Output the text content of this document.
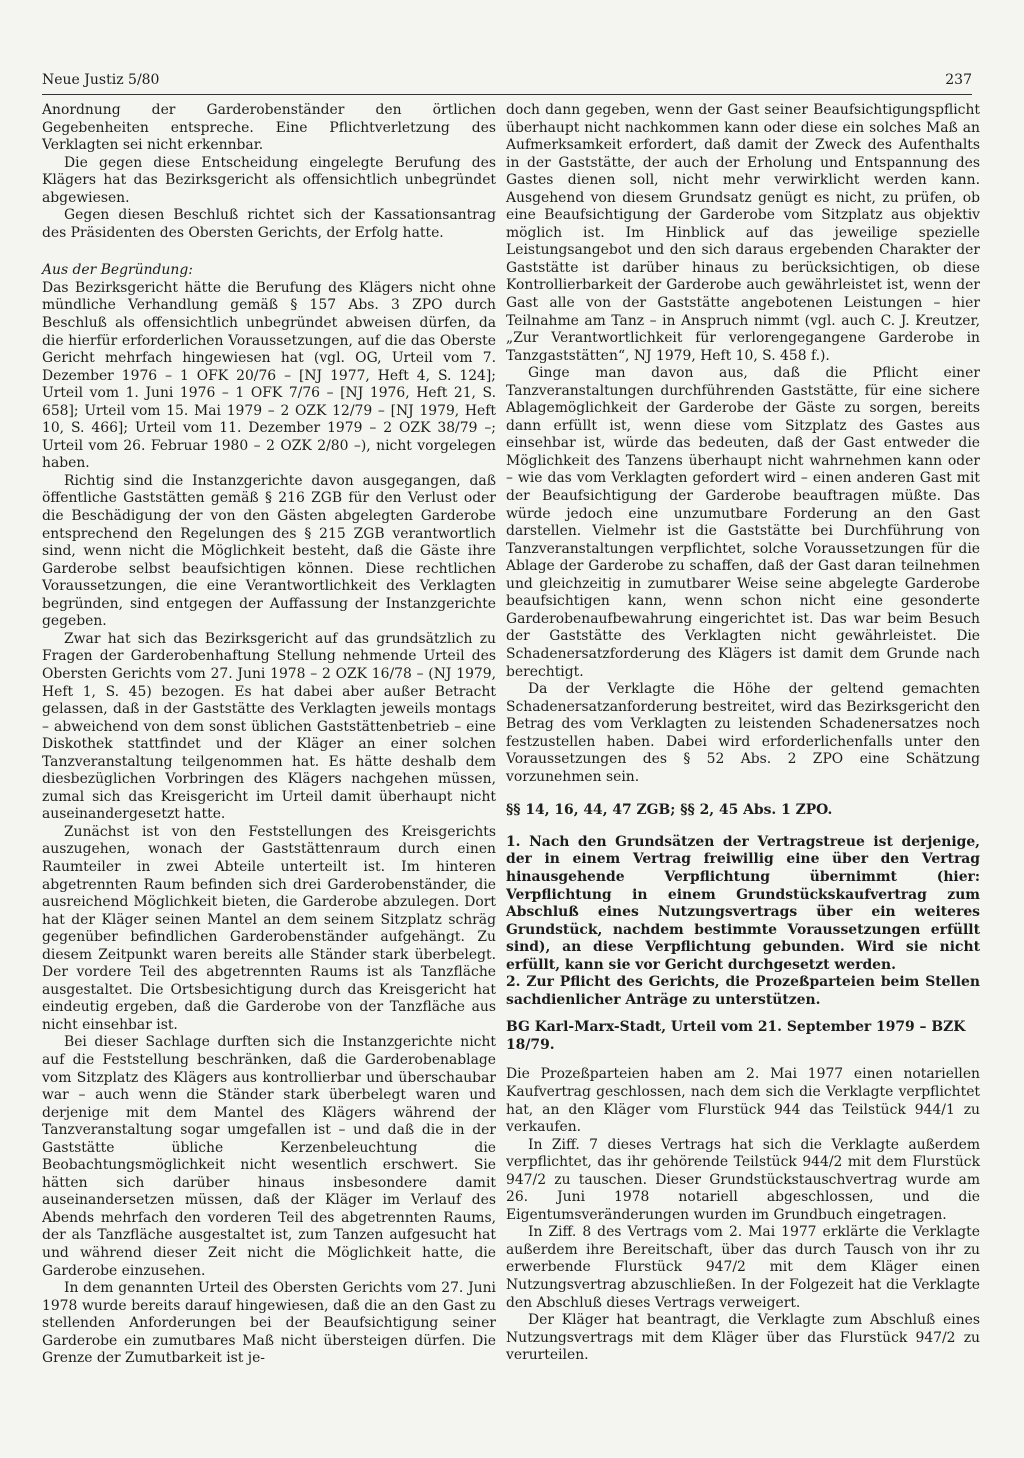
Neue Justiz 5/80	237

Anordnung der Garderobenständer den örtlichen Gegebenheiten entspreche. Eine Pflichtverletzung des Verklagten sei nicht erkennbar.

Die gegen diese Entscheidung eingelegte Berufung des Klägers hat das Bezirksgericht als offensichtlich unbegründet abgewiesen.

Gegen diesen Beschluß richtet sich der Kassationsantrag des Präsidenten des Obersten Gerichts, der Erfolg hatte.

Aus der Begründung:

Das Bezirksgericht hätte die Berufung des Klägers nicht ohne mündliche Verhandlung gemäß § 157 Abs. 3 ZPO durch Beschluß als offensichtlich unbegründet abweisen dürfen, da die hierfür erforderlichen Voraussetzungen, auf die das Oberste Gericht mehrfach hingewiesen hat (vgl. OG, Urteil vom 7. Dezember 1976 – 1 OFK 20/76 – [NJ 1977, Heft 4, S. 124]; Urteil vom 1. Juni 1976 – 1 OFK 7/76 – [NJ 1976, Heft 21, S. 658]; Urteil vom 15. Mai 1979 – 2 OZK 12/79 – [NJ 1979, Heft 10, S. 466]; Urteil vom 11. Dezember 1979 – 2 OZK 38/79 –; Urteil vom 26. Februar 1980 – 2 OZK 2/80 –), nicht vorgelegen haben.

Richtig sind die Instanzgerichte davon ausgegangen, daß öffentliche Gaststätten gemäß § 216 ZGB für den Verlust oder die Beschädigung der von den Gästen abgelegten Garderobe entsprechend den Regelungen des § 215 ZGB verantwortlich sind, wenn nicht die Möglichkeit besteht, daß die Gäste ihre Garderobe selbst beaufsichtigen können. Diese rechtlichen Voraussetzungen, die eine Verantwortlichkeit des Verklagten begründen, sind entgegen der Auffassung der Instanzgerichte gegeben.

Zwar hat sich das Bezirksgericht auf das grundsätzlich zu Fragen der Garderobenhaftung Stellung nehmende Urteil des Obersten Gerichts vom 27. Juni 1978 – 2 OZK 16/78 – (NJ 1979, Heft 1, S. 45) bezogen. Es hat dabei aber außer Betracht gelassen, daß in der Gaststätte des Verklagten jeweils montags – abweichend von dem sonst üblichen Gaststättenbetrieb – eine Diskothek stattfindet und der Kläger an einer solchen Tanzveranstaltung teilgenommen hat. Es hätte deshalb dem diesbezüglichen Vorbringen des Klägers nachgehen müssen, zumal sich das Kreisgericht im Urteil damit überhaupt nicht auseinandergesetzt hatte.

Zunächst ist von den Feststellungen des Kreisgerichts auszugehen, wonach der Gaststättenraum durch einen Raumteiler in zwei Abteile unterteilt ist. Im hinteren abgetrennten Raum befinden sich drei Garderobenständer, die ausreichend Möglichkeit bieten, die Garderobe abzulegen. Dort hat der Kläger seinen Mantel an dem seinem Sitzplatz schräg gegenüber befindlichen Garderobenständer aufgehängt. Zu diesem Zeitpunkt waren bereits alle Ständer stark überbelegt. Der vordere Teil des abgetrennten Raums ist als Tanzfläche ausgestaltet. Die Ortsbesichtigung durch das Kreisgericht hat eindeutig ergeben, daß die Garderobe von der Tanzfläche aus nicht einsehbar ist.

Bei dieser Sachlage durften sich die Instanzgerichte nicht auf die Feststellung beschränken, daß die Garderobenablage vom Sitzplatz des Klägers aus kontrollierbar und überschaubar war – auch wenn die Ständer stark überbelegt waren und derjenige mit dem Mantel des Klägers während der Tanzveranstaltung sogar umgefallen ist – und daß die in der Gaststätte übliche Kerzenbeleuchtung die Beobachtungsmöglichkeit nicht wesentlich erschwert. Sie hätten sich darüber hinaus insbesondere damit auseinandersetzen müssen, daß der Kläger im Verlauf des Abends mehrfach den vorderen Teil des abgetrennten Raums, der als Tanzfläche ausgestaltet ist, zum Tanzen aufgesucht hat und während dieser Zeit nicht die Möglichkeit hatte, die Garderobe einzusehen.

In dem genannten Urteil des Obersten Gerichts vom 27. Juni 1978 wurde bereits darauf hingewiesen, daß die an den Gast zu stellenden Anforderungen bei der Beaufsichtigung seiner Garderobe ein zumutbares Maß nicht übersteigen dürfen. Die Grenze der Zumutbarkeit ist je-

doch dann gegeben, wenn der Gast seiner Beaufsichtigungspflicht überhaupt nicht nachkommen kann oder diese ein solches Maß an Aufmerksamkeit erfordert, daß damit der Zweck des Aufenthalts in der Gaststätte, der auch der Erholung und Entspannung des Gastes dienen soll, nicht mehr verwirklicht werden kann. Ausgehend von diesem Grundsatz genügt es nicht, zu prüfen, ob eine Beaufsichtigung der Garderobe vom Sitzplatz aus objektiv möglich ist. Im Hinblick auf das jeweilige spezielle Leistungsangebot und den sich daraus ergebenden Charakter der Gaststätte ist darüber hinaus zu berücksichtigen, ob diese Kontrollierbarkeit der Garderobe auch gewährleistet ist, wenn der Gast alle von der Gaststätte angebotenen Leistungen – hier Teilnahme am Tanz – in Anspruch nimmt (vgl. auch C. J. Kreutzer, „Zur Verantwortlichkeit für verlorengegangene Garderobe in Tanzgaststätten“, NJ 1979, Heft 10, S. 458 f.).

Ginge man davon aus, daß die Pflicht einer Tanzveranstaltungen durchführenden Gaststätte, für eine sichere Ablagemöglichkeit der Garderobe der Gäste zu sorgen, bereits dann erfüllt ist, wenn diese vom Sitzplatz des Gastes aus einsehbar ist, würde das bedeuten, daß der Gast entweder die Möglichkeit des Tanzens überhaupt nicht wahrnehmen kann oder – wie das vom Verklagten gefordert wird – einen anderen Gast mit der Beaufsichtigung der Garderobe beauftragen müßte. Das würde jedoch eine unzumutbare Forderung an den Gast darstellen. Vielmehr ist die Gaststätte bei Durchführung von Tanzveranstaltungen verpflichtet, solche Voraussetzungen für die Ablage der Garderobe zu schaffen, daß der Gast daran teilnehmen und gleichzeitig in zumutbarer Weise seine abgelegte Garderobe beaufsichtigen kann, wenn schon nicht eine gesonderte Garderobenaufbewahrung eingerichtet ist. Das war beim Besuch der Gaststätte des Verklagten nicht gewährleistet. Die Schadenersatzforderung des Klägers ist damit dem Grunde nach berechtigt.

Da der Verklagte die Höhe der geltend gemachten Schadenersatzanforderung bestreitet, wird das Bezirksgericht den Betrag des vom Verklagten zu leistenden Schadenersatzes noch festzustellen haben. Dabei wird erforderlichenfalls unter den Voraussetzungen des § 52 Abs. 2 ZPO eine Schätzung vorzunehmen sein.

§§ 14, 16, 44, 47 ZGB; §§ 2, 45 Abs. 1 ZPO.

1. Nach den Grundsätzen der Vertragstreue ist derjenige, der in einem Vertrag freiwillig eine über den Vertrag hinausgehende Verpflichtung übernimmt (hier: Verpflichtung in einem Grundstückskaufvertrag zum Abschluß eines Nutzungsvertrags über ein weiteres Grundstück, nachdem bestimmte Voraussetzungen erfüllt sind), an diese Verpflichtung gebunden. Wird sie nicht erfüllt, kann sie vor Gericht durchgesetzt werden.

2. Zur Pflicht des Gerichts, die Prozeßparteien beim Stellen sachdienlicher Anträge zu unterstützen.

BG Karl-Marx-Stadt, Urteil vom 21. September 1979 – BZK 18/79.

Die Prozeßparteien haben am 2. Mai 1977 einen notariellen Kaufvertrag geschlossen, nach dem sich die Verklagte verpflichtet hat, an den Kläger vom Flurstück 944 das Teilstück 944/1 zu verkaufen.

In Ziff. 7 dieses Vertrags hat sich die Verklagte außerdem verpflichtet, das ihr gehörende Teilstück 944/2 mit dem Flurstück 947/2 zu tauschen. Dieser Grundstückstauschvertrag wurde am 26. Juni 1978 notariell abgeschlossen, und die Eigentumsveränderungen wurden im Grundbuch eingetragen.

In Ziff. 8 des Vertrags vom 2. Mai 1977 erklärte die Verklagte außerdem ihre Bereitschaft, über das durch Tausch von ihr zu erwerbende Flurstück 947/2 mit dem Kläger einen Nutzungsvertrag abzuschließen. In der Folgezeit hat die Verklagte den Abschluß dieses Vertrags verweigert.

Der Kläger hat beantragt, die Verklagte zum Abschluß eines Nutzungsvertrags mit dem Kläger über das Flurstück 947/2 zu verurteilen.
